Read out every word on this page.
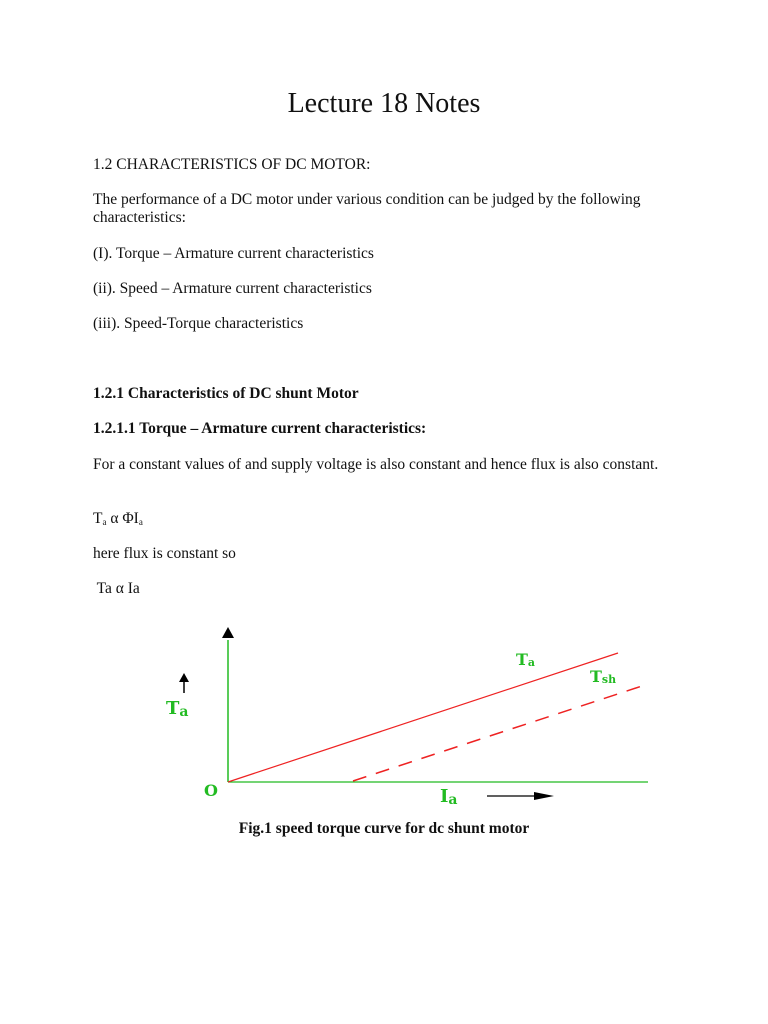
Lecture 18 Notes
1.2 CHARACTERISTICS OF DC MOTOR:
The performance of a DC motor under various condition can be judged by the following characteristics:
(I). Torque – Armature current characteristics
(ii). Speed – Armature current characteristics
(iii). Speed-Torque characteristics
1.2.1 Characteristics of DC shunt Motor
1.2.1.1 Torque – Armature current characteristics:
For a constant values of and supply voltage is also constant and hence flux is also constant.
$T_a$ α $\Phi I_a$
here flux is constant so
Ta α Ia
Ta
O	Ia
Ta
Tsh
Fig.1 speed torque curve for dc shunt motor
